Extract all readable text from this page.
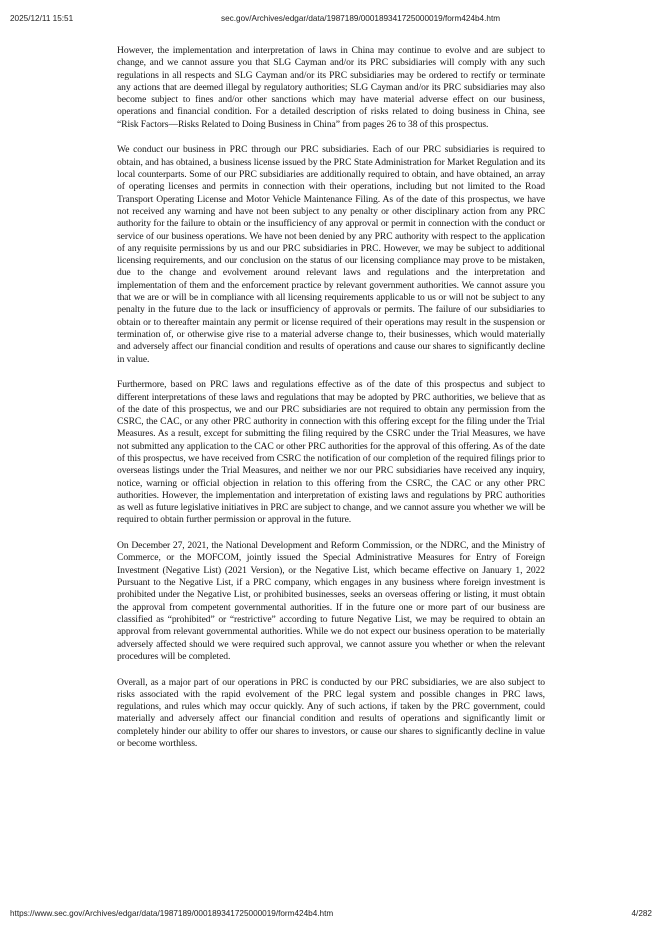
2025/12/11 15:51	sec.gov/Archives/edgar/data/1987189/000189341725000019/form424b4.htm

However, the implementation and interpretation of laws in China may continue to evolve and are subject to change, and we cannot assure you that SLG Cayman and/or its PRC subsidiaries will comply with any such regulations in all respects and SLG Cayman and/or its PRC subsidiaries may be ordered to rectify or terminate any actions that are deemed illegal by regulatory authorities; SLG Cayman and/or its PRC subsidiaries may also become subject to fines and/or other sanctions which may have material adverse effect on our business, operations and financial condition. For a detailed description of risks related to doing business in China, see “Risk Factors—Risks Related to Doing Business in China” from pages 26 to 38 of this prospectus.

We conduct our business in PRC through our PRC subsidiaries. Each of our PRC subsidiaries is required to obtain, and has obtained, a business license issued by the PRC State Administration for Market Regulation and its local counterparts. Some of our PRC subsidiaries are additionally required to obtain, and have obtained, an array of operating licenses and permits in connection with their operations, including but not limited to the Road Transport Operating License and Motor Vehicle Maintenance Filing. As of the date of this prospectus, we have not received any warning and have not been subject to any penalty or other disciplinary action from any PRC authority for the failure to obtain or the insufficiency of any approval or permit in connection with the conduct or service of our business operations. We have not been denied by any PRC authority with respect to the application of any requisite permissions by us and our PRC subsidiaries in PRC. However, we may be subject to additional licensing requirements, and our conclusion on the status of our licensing compliance may prove to be mistaken, due to the change and evolvement around relevant laws and regulations and the interpretation and implementation of them and the enforcement practice by relevant government authorities. We cannot assure you that we are or will be in compliance with all licensing requirements applicable to us or will not be subject to any penalty in the future due to the lack or insufficiency of approvals or permits. The failure of our subsidiaries to obtain or to thereafter maintain any permit or license required of their operations may result in the suspension or termination of, or otherwise give rise to a material adverse change to, their businesses, which would materially and adversely affect our financial condition and results of operations and cause our shares to significantly decline in value.

Furthermore, based on PRC laws and regulations effective as of the date of this prospectus and subject to different interpretations of these laws and regulations that may be adopted by PRC authorities, we believe that as of the date of this prospectus, we and our PRC subsidiaries are not required to obtain any permission from the CSRC, the CAC, or any other PRC authority in connection with this offering except for the filing under the Trial Measures. As a result, except for submitting the filing required by the CSRC under the Trial Measures, we have not submitted any application to the CAC or other PRC authorities for the approval of this offering. As of the date of this prospectus, we have received from CSRC the notification of our completion of the required filings prior to overseas listings under the Trial Measures, and neither we nor our PRC subsidiaries have received any inquiry, notice, warning or official objection in relation to this offering from the CSRC, the CAC or any other PRC authorities. However, the implementation and interpretation of existing laws and regulations by PRC authorities as well as future legislative initiatives in PRC are subject to change, and we cannot assure you whether we will be required to obtain further permission or approval in the future.

On December 27, 2021, the National Development and Reform Commission, or the NDRC, and the Ministry of Commerce, or the MOFCOM, jointly issued the Special Administrative Measures for Entry of Foreign Investment (Negative List) (2021 Version), or the Negative List, which became effective on January 1, 2022 Pursuant to the Negative List, if a PRC company, which engages in any business where foreign investment is prohibited under the Negative List, or prohibited businesses, seeks an overseas offering or listing, it must obtain the approval from competent governmental authorities. If in the future one or more part of our business are classified as “prohibited” or “restrictive” according to future Negative List, we may be required to obtain an approval from relevant governmental authorities. While we do not expect our business operation to be materially adversely affected should we were required such approval, we cannot assure you whether or when the relevant procedures will be completed.

Overall, as a major part of our operations in PRC is conducted by our PRC subsidiaries, we are also subject to risks associated with the rapid evolvement of the PRC legal system and possible changes in PRC laws, regulations, and rules which may occur quickly. Any of such actions, if taken by the PRC government, could materially and adversely affect our financial condition and results of operations and significantly limit or completely hinder our ability to offer our shares to investors, or cause our shares to significantly decline in value or become worthless.

https://www.sec.gov/Archives/edgar/data/1987189/000189341725000019/form424b4.htm	4/282
